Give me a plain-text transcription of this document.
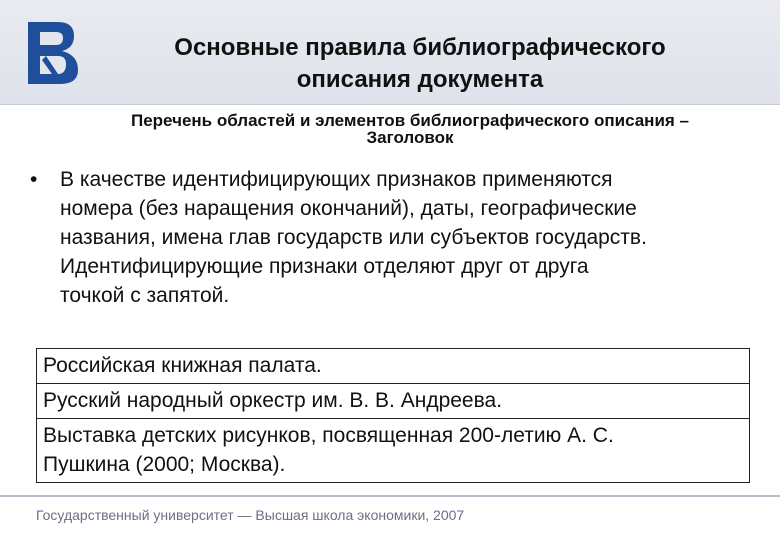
Основные правила библиографического
описания документа
Перечень областей и элементов библиографического описания –
Заголовок
• В качестве идентифицирующих признаков применяются
номера (без наращения окончаний), даты, географические
названия, имена глав государств или субъектов государств.
Идентифицирующие признаки отделяют друг от друга
точкой с запятой.
Российская книжная палата.

Русский народный оркестр им. В. В. Андреева.

Выставка детских рисунков, посвященная 200-летию А. С.
Пушкина (2000; Москва).
Государственный университет — Высшая школа экономики, 2007
